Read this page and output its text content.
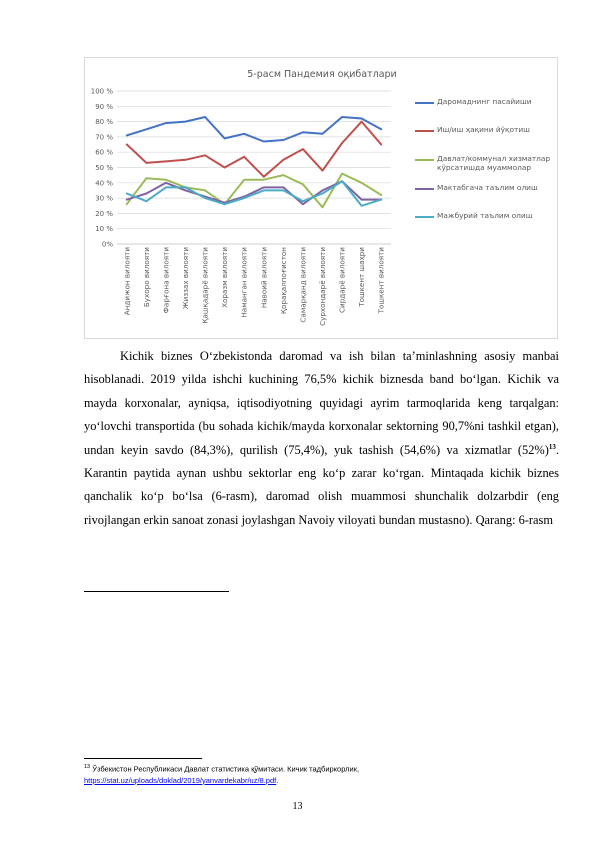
5-расм Пандемия оқибатлари
0%
10 %
20 %
30 %
40 %
50 %
60 %
70 %
80 %
90 %
100 %
Андижон вилояти Бухоро вилояти Фарғона вилояти Жиззах вилояти Қашқадарё вилояти Хоразм вилояти Наманган вилояти Навоий вилояти Қорақалпоғистон Самарқанд вилояти Сурхондарё вилояти Сирдарё вилояти Тошкент шаҳри Тошкент вилояти
Даромаднинг пасайиши
Иш/иш ҳақини йўқотиш
Давлат/коммунал хизматлар кўрсатишда муаммолар
Мактабгача таълим олиш
Мажбурий таълим олиш

Kichik biznes O‘zbekistonda daromad va ish bilan ta’minlashning asosiy manbai hisoblanadi. 2019 yilda ishchi kuchining 76,5% kichik biznesda band bo‘lgan. Kichik va mayda korxonalar, ayniqsa, iqtisodiyotning quyidagi ayrim tarmoqlarida keng tarqalgan: yo‘lovchi transportida (bu sohada kichik/mayda korxonalar sektorning 90,7%ni tashkil etgan), undan keyin savdo (84,3%), qurilish (75,4%), yuk tashish (54,6%) va xizmatlar (52%)$^{13}$. Karantin paytida aynan ushbu sektorlar eng ko‘p zarar ko‘rgan. Mintaqada kichik biznes qanchalik ko‘p bo‘lsa (6-rasm), daromad olish muammosi shunchalik dolzarbdir (eng rivojlangan erkin sanoat zonasi joylashgan Navoiy viloyati bundan mustasno). Qarang: 6-rasm

$^{13}$ Ўзбекистон Республикаси Давлат статистика қўмитаси. Кичик тадбиркорлик,
https://stat.uz/uploads/doklad/2019/yanvardekabr/uz/8.pdf.
13
